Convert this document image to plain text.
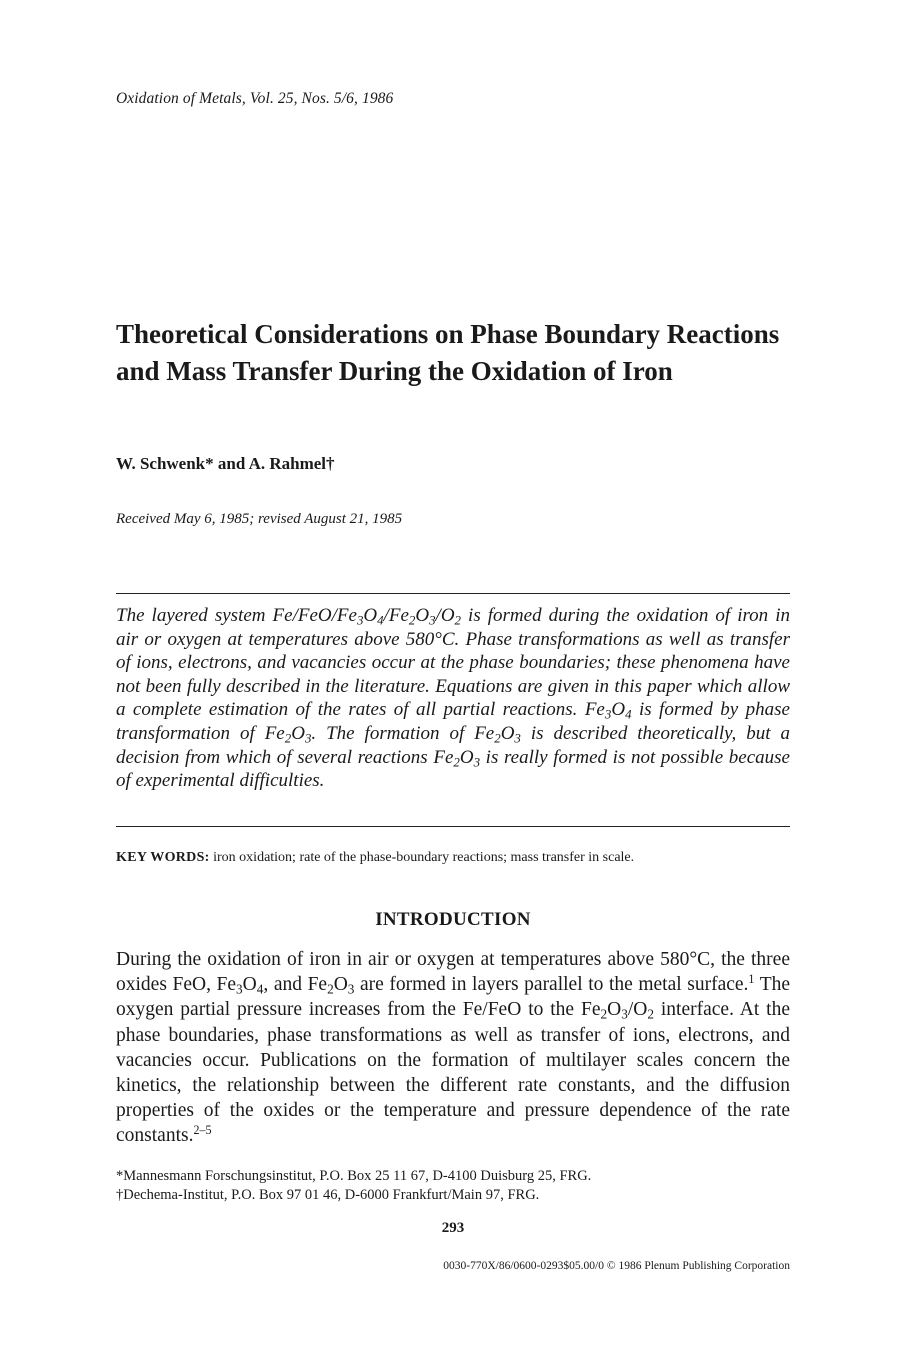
Oxidation of Metals, Vol. 25, Nos. 5/6, 1986
Theoretical Considerations on Phase Boundary Reactions and Mass Transfer During the Oxidation of Iron
W. Schwenk* and A. Rahmel†
Received May 6, 1985; revised August 21, 1985

The layered system $Fe/FeO/Fe_3O_4/Fe_2O_3/O_2$ is formed during the oxidation of iron in air or oxygen at temperatures above 580°C. Phase transformations as well as transfer of ions, electrons, and vacancies occur at the phase boundaries; these phenomena have not been fully described in the literature. Equations are given in this paper which allow a complete estimation of the rates of all partial reactions. $Fe_3O_4$ is formed by phase transformation of $Fe_2O_3$. The formation of $Fe_2O_3$ is described theoretically, but a decision from which of several reactions $Fe_2O_3$ is really formed is not possible because of experimental difficulties.

KEY WORDS: iron oxidation; rate of the phase-boundary reactions; mass transfer in scale.
INTRODUCTION

During the oxidation of iron in air or oxygen at temperatures above 580°C, the three oxides FeO, $Fe_3O_4$, and $Fe_2O_3$ are formed in layers parallel to the metal surface.$^1$ The oxygen partial pressure increases from the Fe/FeO to the $Fe_2O_3/O_2$ interface. At the phase boundaries, phase transformations as well as transfer of ions, electrons, and vacancies occur. Publications on the formation of multilayer scales concern the kinetics, the relationship between the different rate constants, and the diffusion properties of the oxides or the temperature and pressure dependence of the rate constants.$^{2-5}$

*Mannesmann Forschungsinstitut, P.O. Box 25 11 67, D-4100 Duisburg 25, FRG.
†Dechema-Institut, P.O. Box 97 01 46, D-6000 Frankfurt/Main 97, FRG.
293
0030-770X/86/0600-0293$05.00/0 © 1986 Plenum Publishing Corporation
